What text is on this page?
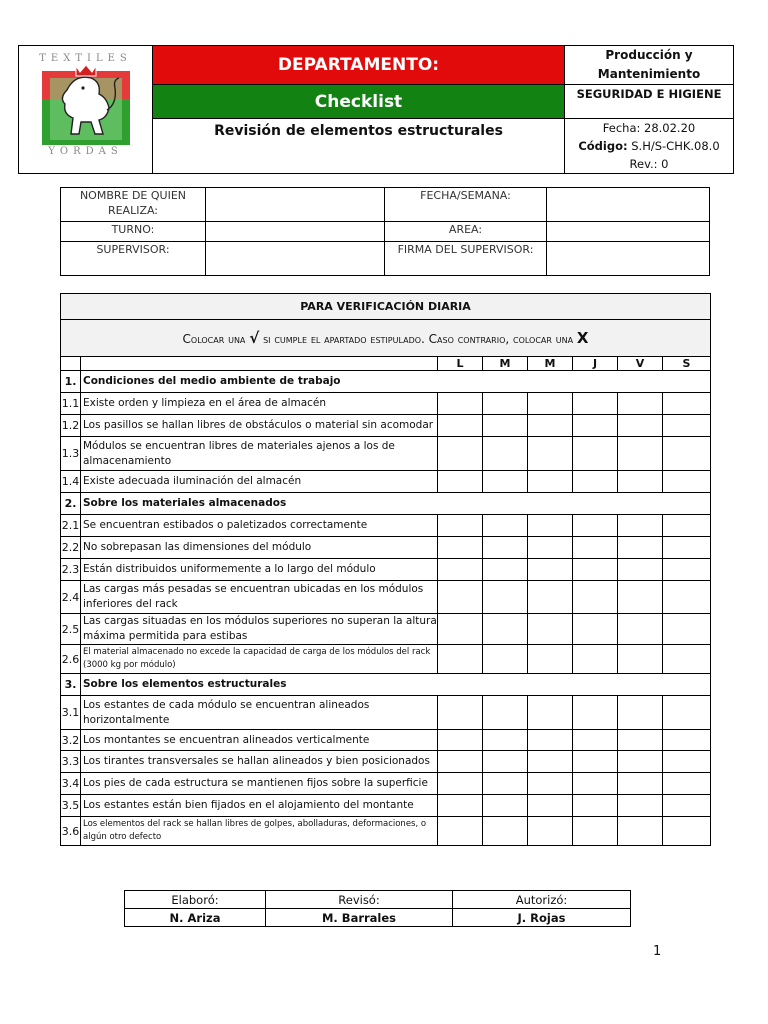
TEXTILES
YORDAS	DEPARTAMENTO:	Producción y Mantenimiento
	Checklist	SEGURIDAD E HIGIENE
	Revisión de elementos estructurales	Fecha: 28.02.20
Código: S.H/S-CHK.08.0
Rev.: 0
NOMBRE DE QUIEN REALIZA:		FECHA/SEMANA:	
TURNO:		AREA:	
SUPERVISOR:		FIRMA DEL SUPERVISOR:	
PARA VERIFICACIÓN DIARIA							
Colocar una √ si cumple el apartado estipulado. Caso contrario, colocar una X							
		L	M	M	J	V	S
1.	Condiciones del medio ambiente de trabajo						
1.1	Existe orden y limpieza en el área de almacén						
1.2	Los pasillos se hallan libres de obstáculos o material sin acomodar						
1.3	Módulos se encuentran libres de materiales ajenos a los de almacenamiento						
1.4	Existe adecuada iluminación del almacén						
2.	Sobre los materiales almacenados						
2.1	Se encuentran estibados o paletizados correctamente						
2.2	No sobrepasan las dimensiones del módulo						
2.3	Están distribuidos uniformemente a lo largo del módulo						
2.4	Las cargas más pesadas se encuentran ubicadas en los módulos inferiores del rack						
2.5	Las cargas situadas en los módulos superiores no superan la altura máxima permitida para estibas						
2.6	El material almacenado no excede la capacidad de carga de los módulos del rack (3000 kg por módulo)						
3.	Sobre los elementos estructurales						
3.1	Los estantes de cada módulo se encuentran alineados horizontalmente						
3.2	Los montantes se encuentran alineados verticalmente						
3.3	Los tirantes transversales se hallan alineados y bien posicionados						
3.4	Los pies de cada estructura se mantienen fijos sobre la superficie						
3.5	Los estantes están bien fijados en el alojamiento del montante						
3.6	Los elementos del rack se hallan libres de golpes, abolladuras, deformaciones, o algún otro defecto						
Elaboró:	Revisó:	Autorizó:
N. Ariza	M. Barrales	J. Rojas
1
